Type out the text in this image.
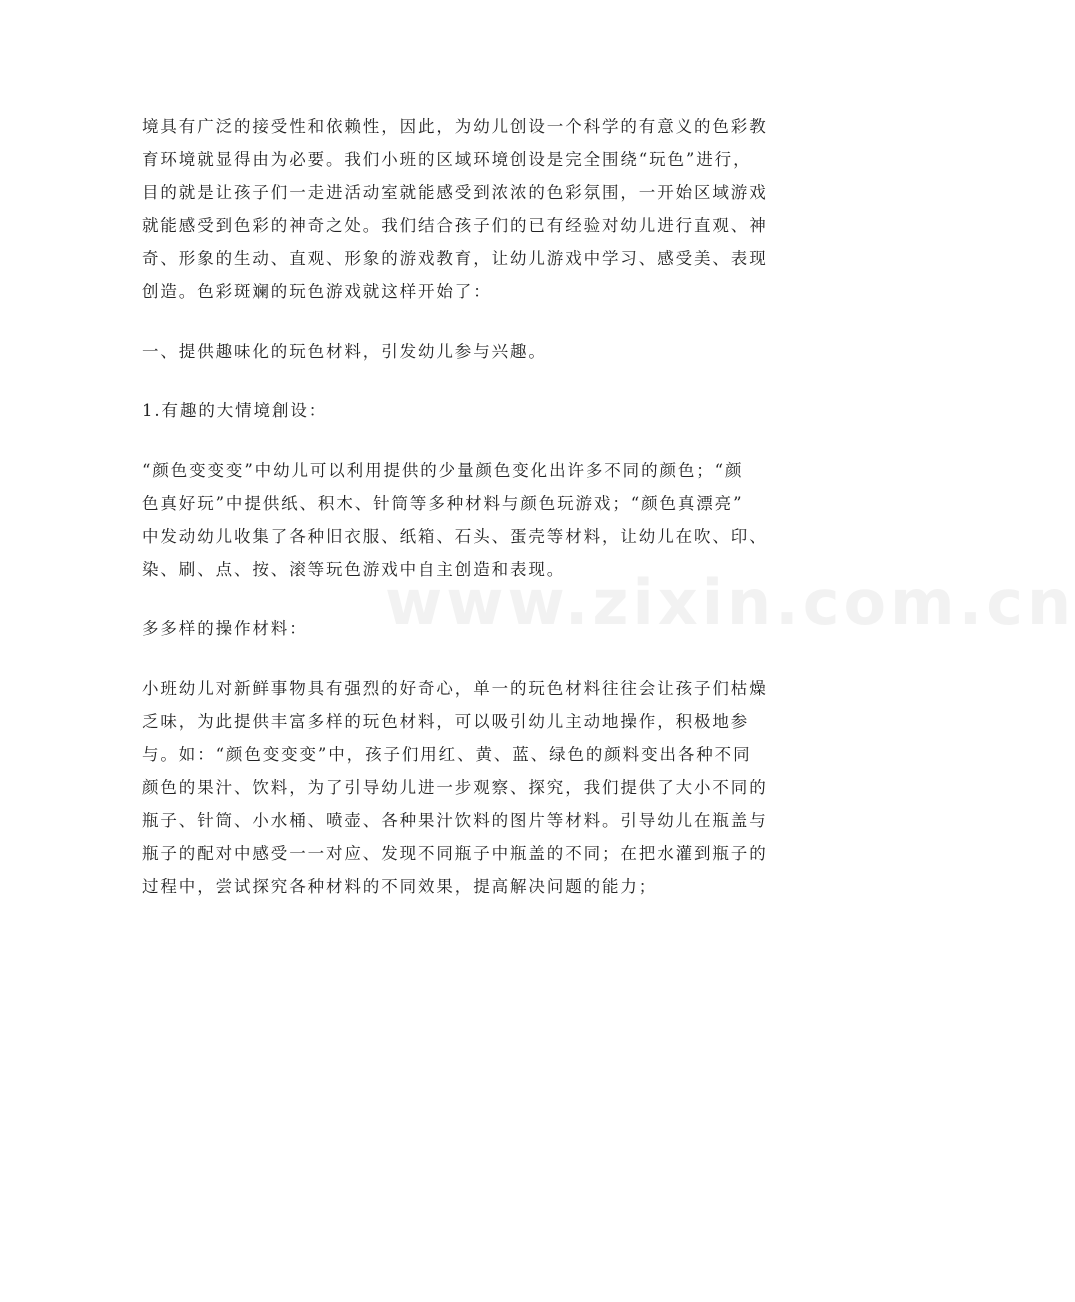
www.zixin.com.cn
境具有广泛的接受性和依赖性，因此，为幼儿创设一个科学的有意义的色彩教
育环境就显得由为必要。我们小班的区域环境创设是完全围绕“玩色”进行，
目的就是让孩子们一走进活动室就能感受到浓浓的色彩氛围，一开始区域游戏
就能感受到色彩的神奇之处。我们结合孩子们的已有经验对幼儿进行直观、神
奇、形象的生动、直观、形象的游戏教育，让幼儿游戏中学习、感受美、表现
创造。色彩斑斓的玩色游戏就这样开始了：
一、提供趣味化的玩色材料，引发幼儿参与兴趣。
1.有趣的大情境創设：
“颜色变变变”中幼儿可以利用提供的少量颜色变化出许多不同的颜色；“颜
色真好玩”中提供纸、积木、针筒等多种材料与颜色玩游戏；“颜色真漂亮”
中发动幼儿收集了各种旧衣服、纸箱、石头、蛋壳等材料，让幼儿在吹、印、
染、刷、点、按、滚等玩色游戏中自主创造和表现。
多多样的操作材料：
小班幼儿对新鲜事物具有强烈的好奇心，单一的玩色材料往往会让孩子们枯燥
乏味，为此提供丰富多样的玩色材料，可以吸引幼儿主动地操作，积极地参
与。如：“颜色变变变”中，孩子们用红、黄、蓝、绿色的颜料变出各种不同
颜色的果汁、饮料，为了引导幼儿进一步观察、探究，我们提供了大小不同的
瓶子、针筒、小水桶、喷壶、各种果汁饮料的图片等材料。引导幼儿在瓶盖与
瓶子的配对中感受一一对应、发现不同瓶子中瓶盖的不同；在把水灌到瓶子的
过程中，尝试探究各种材料的不同效果，提高解决问题的能力；
